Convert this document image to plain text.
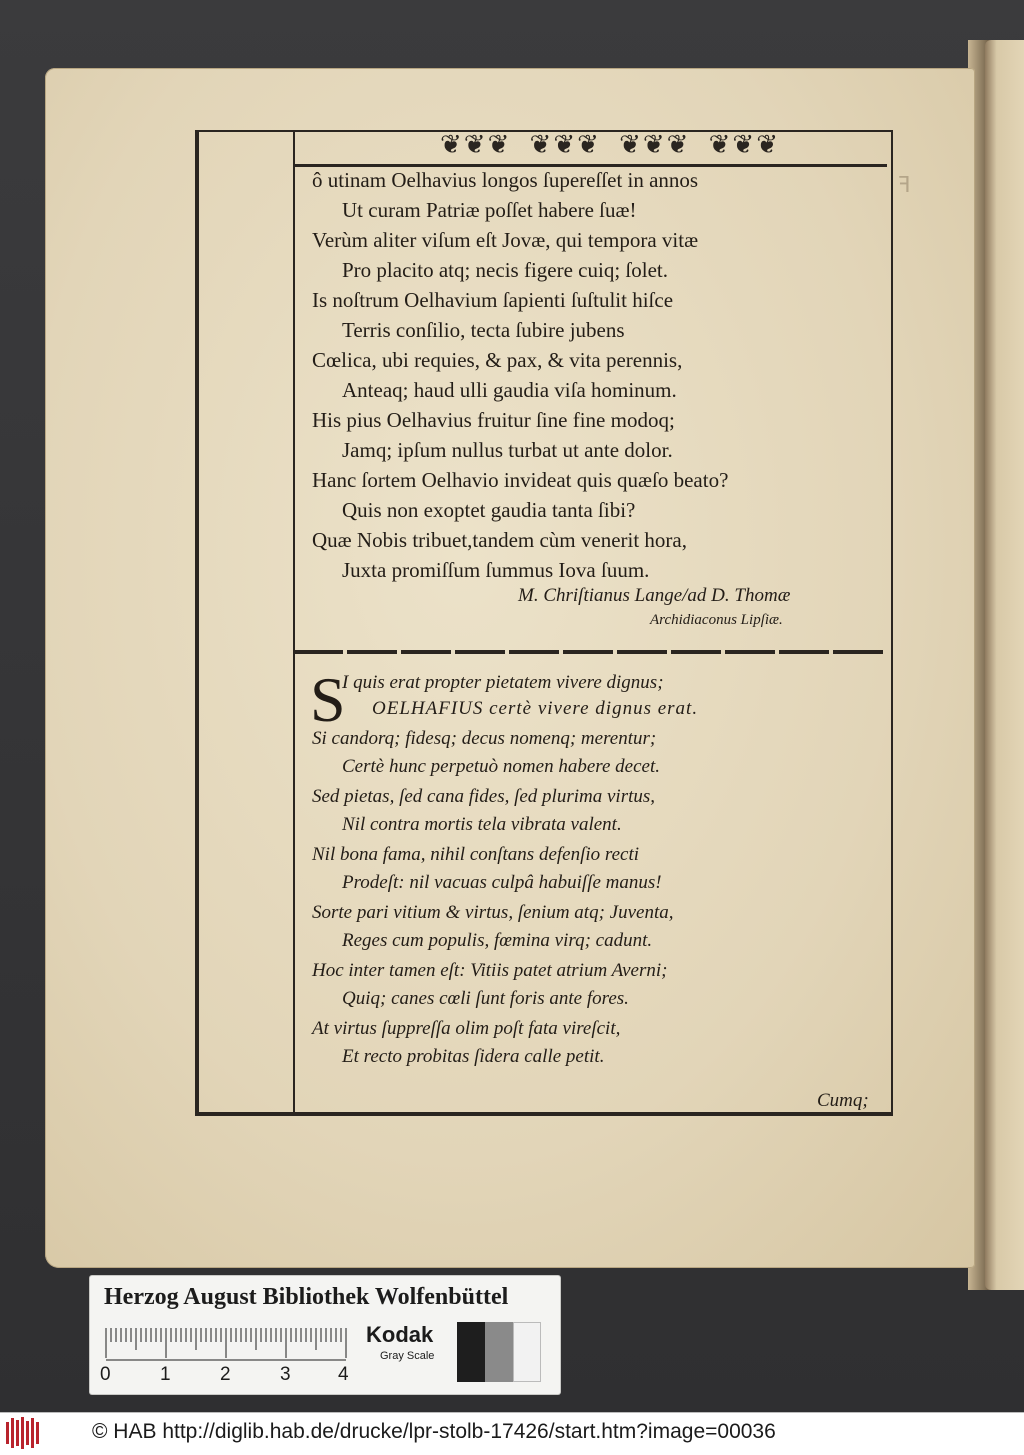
ꟻ
❦❦❦ ❦❦❦ ❦❦❦ ❦❦❦
ô utinam Oelhavius longos ſupereſſet in annos
Ut curam Patriæ poſſet habere ſuæ!
Verùm aliter viſum eſt Jovæ, qui tempora vitæ
Pro placito atq; necis figere cuiq; ſolet.
Is noſtrum Oelhavium ſapienti ſuſtulit hiſce
Terris conſilio, tecta ſubire jubens
Cœlica, ubi requies, & pax, & vita perennis,
Anteaq; haud ulli gaudia viſa hominum.
His pius Oelhavius fruitur ſine fine modoq;
Jamq; ipſum nullus turbat ut ante dolor.
Hanc ſortem Oelhavio invideat quis quæſo beato?
Quis non exoptet gaudia tanta ſibi?
Quæ Nobis tribuet,tandem cùm venerit hora,
Juxta promiſſum ſummus Iova ſuum.
M. Chriſtianus Lange/ad D. Thomæ
Archidiaconus Lipſiæ.
S
I quis erat propter pietatem vivere dignus;
OELHAFIUS certè vivere dignus erat.
Si candorq; fidesq; decus nomenq; merentur;
Certè hunc perpetuò nomen habere decet.
Sed pietas, ſed cana fides, ſed plurima virtus,
Nil contra mortis tela vibrata valent.
Nil bona fama, nihil conſtans defenſio recti
Prodeſt: nil vacuas culpâ habuiſſe manus!
Sorte pari vitium & virtus, ſenium atq; Juventa,
Reges cum populis, fœmina virq; cadunt.
Hoc inter tamen eſt: Vitiis patet atrium Averni;
Quiq; canes cœli ſunt foris ante fores.
At virtus ſuppreſſa olim poſt fata vireſcit,
Et recto probitas ſidera calle petit.
Cumq;
Herzog August Bibliothek Wolfenbüttel
0	1	2	3 4
Kodak
Gray Scale
© HAB http://diglib.hab.de/drucke/lpr-stolb-17426/start.htm?image=00036
